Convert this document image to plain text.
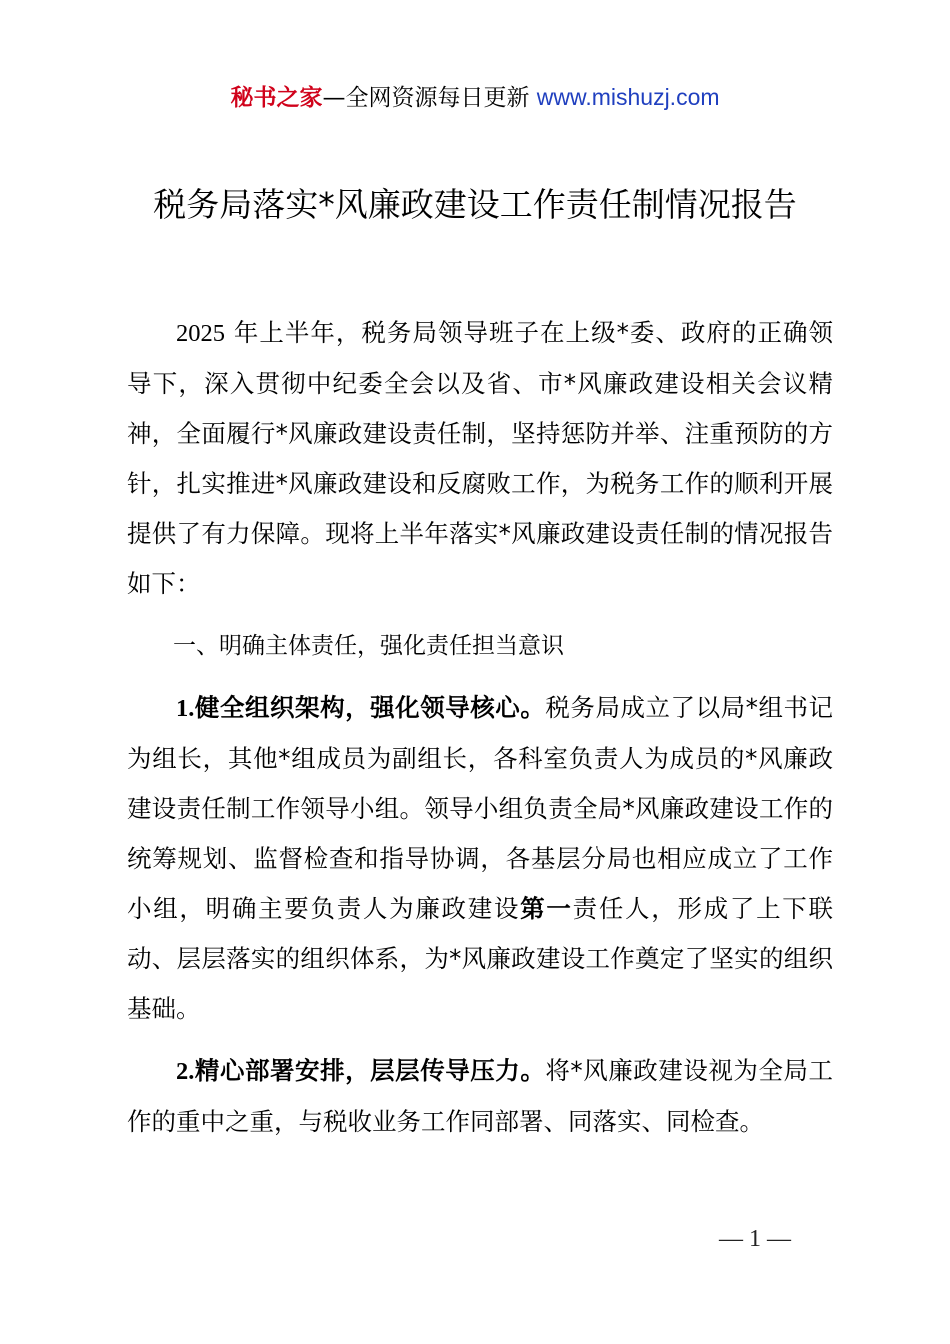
秘书之家—全网资源每日更新 www.mishuzj.com
税务局落实*风廉政建设工作责任制情况报告

2025 年上半年，税务局领导班子在上级*委、政府的正确领导下，深入贯彻中纪委全会以及省、市*风廉政建设相关会议精神，全面履行*风廉政建设责任制，坚持惩防并举、注重预防的方针，扎实推进*风廉政建设和反腐败工作，为税务工作的顺利开展提供了有力保障。现将上半年落实*风廉政建设责任制的情况报告如下：

一、明确主体责任，强化责任担当意识

1.健全组织架构，强化领导核心。税务局成立了以局*组书记为组长，其他*组成员为副组长，各科室负责人为成员的*风廉政建设责任制工作领导小组。领导小组负责全局*风廉政建设工作的统筹规划、监督检查和指导协调，各基层分局也相应成立了工作小组，明确主要负责人为廉政建设第一责任人，形成了上下联动、层层落实的组织体系，为*风廉政建设工作奠定了坚实的组织基础。

2.精心部署安排，层层传导压力。将*风廉政建设视为全局工作的重中之重，与税收业务工作同部署、同落实、同检查。

— 1 —
